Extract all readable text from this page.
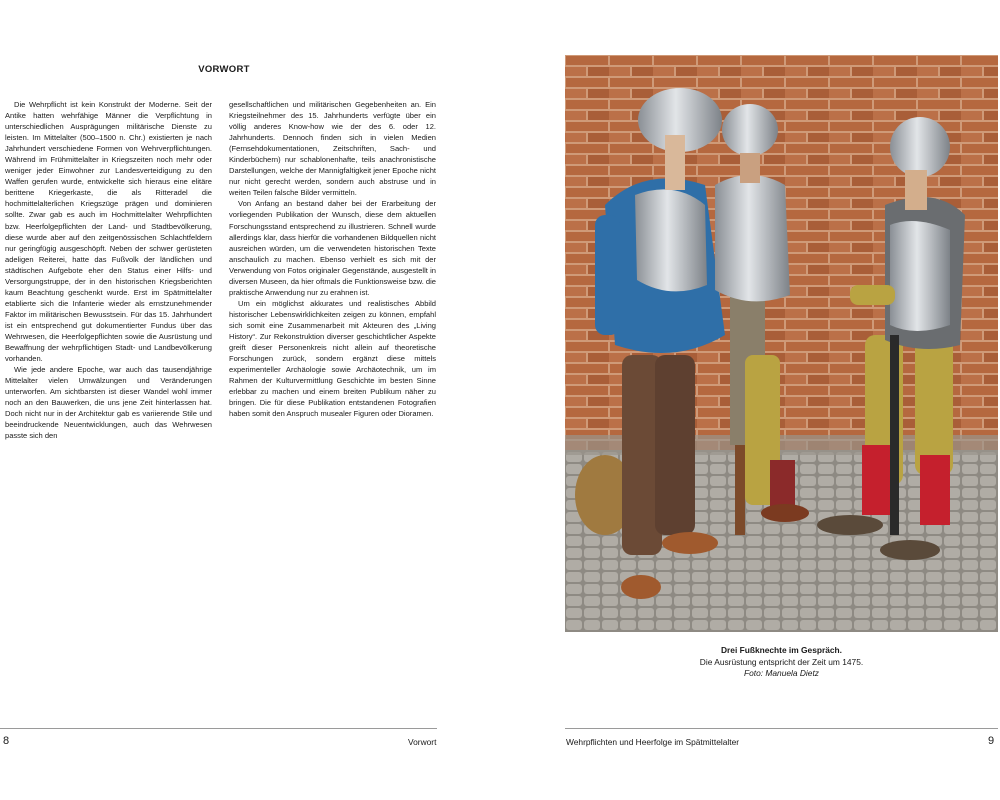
VORWORT

Die Wehrpflicht ist kein Konstrukt der Moderne. Seit der Antike hatten wehrfähige Männer die Verpflichtung in unterschiedlichen Ausprägungen militärische Dienste zu leisten. Im Mittelalter (500–1500 n. Chr.) existierten je nach Jahrhundert verschiedene Formen von Wehrverpflichtungen. Während im Frühmittelalter in Kriegszeiten noch mehr oder weniger jeder Einwohner zur Landesverteidigung zu den Waffen gerufen wurde, entwickelte sich hieraus eine elitäre berittene Kriegerkaste, die als Ritteradel die hochmittelalterlichen Kriegszüge prägen und dominieren sollte. Zwar gab es auch im Hochmittelalter Wehrpflichten bzw. Heerfolgepflichten der Land- und Stadtbevölkerung, diese wurde aber auf den zeitgenössischen Schlachtfeldern nur geringfügig ausgeschöpft. Neben der schwer gerüsteten adeligen Reiterei, hatte das Fußvolk der ländlichen und städtischen Aufgebote eher den Status einer Hilfs- und Versorgungstruppe, der in den historischen Kriegsberichten kaum Beachtung geschenkt wurde. Erst im Spätmittelalter etablierte sich die Infanterie wieder als ernstzunehmender Faktor im militärischen Bewusstsein. Für das 15. Jahrhundert ist ein entsprechend gut dokumentierter Fundus über das Wehrwesen, die Heerfolgepflichten sowie die Ausrüstung und Bewaffnung der wehrpflichtigen Stadt- und Landbevölkerung vorhanden.

Wie jede andere Epoche, war auch das tausendjährige Mittelalter vielen Umwälzungen und Veränderungen unterworfen. Am sichtbarsten ist dieser Wandel wohl immer noch an den Bauwerken, die uns jene Zeit hinterlassen hat. Doch nicht nur in der Architektur gab es variierende Stile und beeindruckende Neuentwicklungen, auch das Wehrwesen passte sich den

gesellschaftlichen und militärischen Gegebenheiten an. Ein Kriegsteilnehmer des 15. Jahrhunderts verfügte über ein völlig anderes Know-how wie der des 6. oder 12. Jahrhunderts. Dennoch finden sich in vielen Medien (Fernsehdokumentationen, Zeitschriften, Sach- und Kinderbüchern) nur schablonenhafte, teils anachronistische Darstellungen, welche der Mannigfaltigkeit jener Epoche nicht nur nicht gerecht werden, sondern auch abstruse und in weiten Teilen falsche Bilder vermitteln.

Von Anfang an bestand daher bei der Erarbeitung der vorliegenden Publikation der Wunsch, diese dem aktuellen Forschungsstand entsprechend zu illustrieren. Schnell wurde allerdings klar, dass hierfür die vorhandenen Bildquellen nicht ausreichen würden, um die verwendeten historischen Texte anschaulich zu machen. Ebenso verhielt es sich mit der Verwendung von Fotos originaler Gegenstände, ausgestellt in diversen Museen, da hier oftmals die Funktionsweise bzw. die praktische Anwendung nur zu erahnen ist.

Um ein möglichst akkurates und realistisches Abbild historischer Lebenswirklichkeiten zeigen zu können, empfahl sich somit eine Zusammenarbeit mit Akteuren des „Living History“. Zur Rekonstruktion diverser geschichtlicher Aspekte greift dieser Personenkreis nicht allein auf theoretische Forschungen zurück, sondern ergänzt diese mittels experimenteller Archäologie sowie Archäotechnik, um im Rahmen der Kulturvermittlung Geschichte im besten Sinne erlebbar zu machen und einem breiten Publikum näher zu bringen. Die für diese Publikation entstandenen Fotografien haben somit den Anspruch musealer Figuren oder Dioramen.

Drei Fußknechte im Gespräch.
Die Ausrüstung entspricht der Zeit um 1475.
Foto: Manuela Dietz
8	Vorwort	Wehrpflichten und Heerfolge im Spätmittelalter	9
